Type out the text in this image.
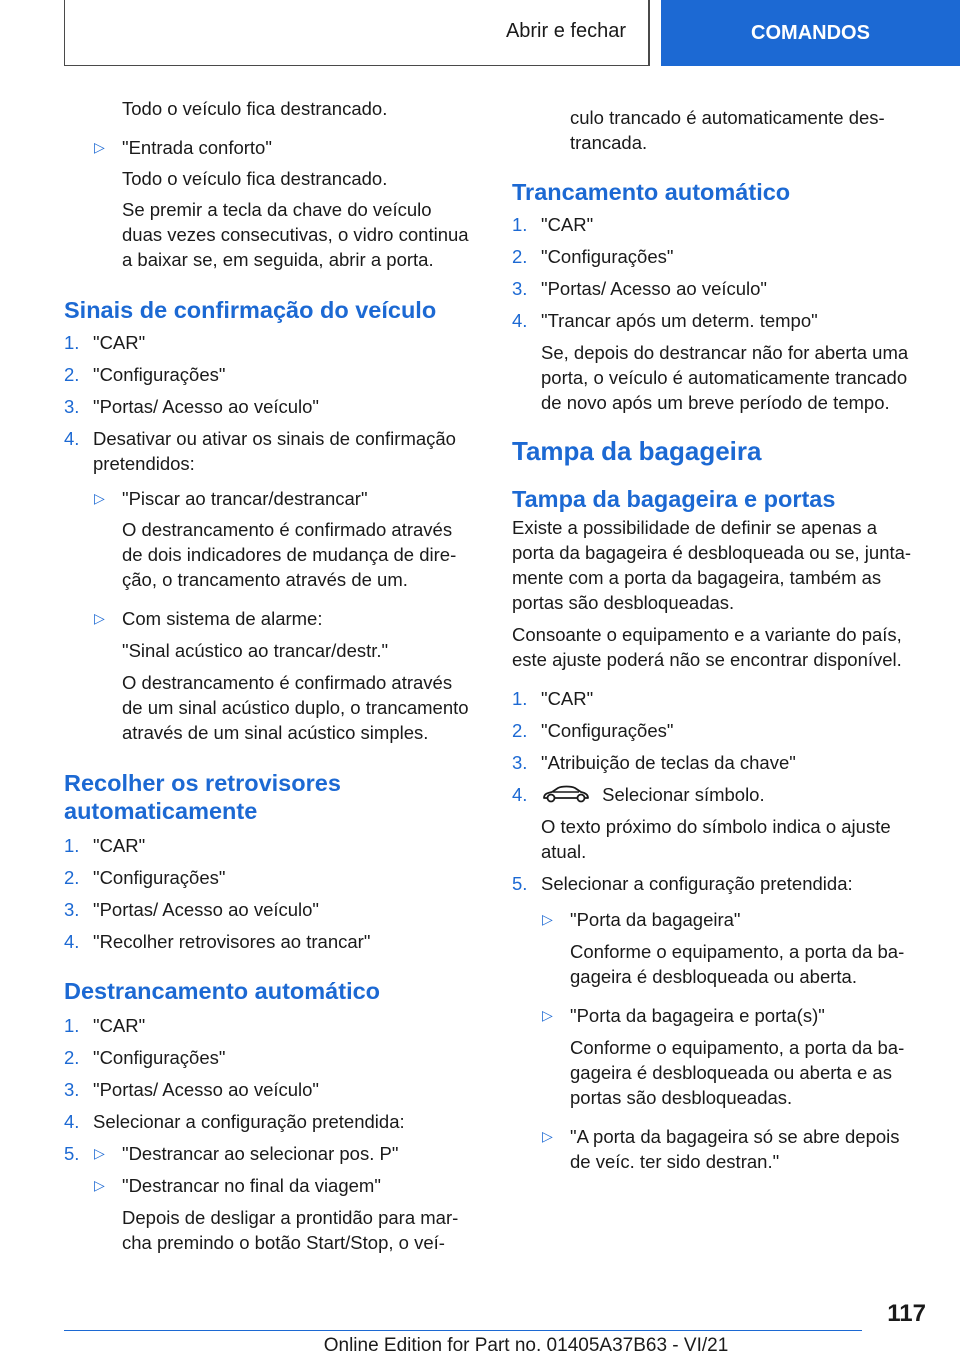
Abrir e fechar	COMANDOS
Todo o veículo fica destrancado.
▷ "Entrada conforto"
Todo o veículo fica destrancado.
Se premir a tecla da chave do veículo
duas vezes consecutivas, o vidro continua
a baixar se, em seguida, abrir a porta.
Sinais de confirmação do veículo
1. "CAR"
2. "Configurações"
3. "Portas/ Acesso ao veículo"
4. Desativar ou ativar os sinais de confirmação
pretendidos:
▷ "Piscar ao trancar/destrancar"
O destrancamento é confirmado através
de dois indicadores de mudança de dire-
ção, o trancamento através de um.
▷ Com sistema de alarme:
"Sinal acústico ao trancar/destr."
O destrancamento é confirmado através
de um sinal acústico duplo, o trancamento
através de um sinal acústico simples.
Recolher os retrovisores
automaticamente
1. "CAR"
2. "Configurações"
3. "Portas/ Acesso ao veículo"
4. "Recolher retrovisores ao trancar"
Destrancamento automático
1. "CAR"
2. "Configurações"
3. "Portas/ Acesso ao veículo"
4. Selecionar a configuração pretendida:
5. ▷ "Destrancar ao selecionar pos. P"
▷ "Destrancar no final da viagem"
Depois de desligar a prontidão para mar-
cha premindo o botão Start/Stop, o veí-
culo trancado é automaticamente des-
trancada.
Trancamento automático
1. "CAR"
2. "Configurações"
3. "Portas/ Acesso ao veículo"
4. "Trancar após um determ. tempo"
Se, depois do destrancar não for aberta uma
porta, o veículo é automaticamente trancado
de novo após um breve período de tempo.
Tampa da bagageira
Tampa da bagageira e portas
Existe a possibilidade de definir se apenas a
porta da bagageira é desbloqueada ou se, junta-
mente com a porta da bagageira, também as
portas são desbloqueadas.
Consoante o equipamento e a variante do país,
este ajuste poderá não se encontrar disponível.
1. "CAR"
2. "Configurações"
3. "Atribuição de teclas da chave"
4.	Selecionar símbolo.
O texto próximo do símbolo indica o ajuste
atual.
5. Selecionar a configuração pretendida:
▷ "Porta da bagageira"
Conforme o equipamento, a porta da ba-
gageira é desbloqueada ou aberta.
▷ "Porta da bagageira e porta(s)"
Conforme o equipamento, a porta da ba-
gageira é desbloqueada ou aberta e as
portas são desbloqueadas.
▷ "A porta da bagageira só se abre depois
de veíc. ter sido destran."
117
Online Edition for Part no. 01405A37B63 - VI/21
